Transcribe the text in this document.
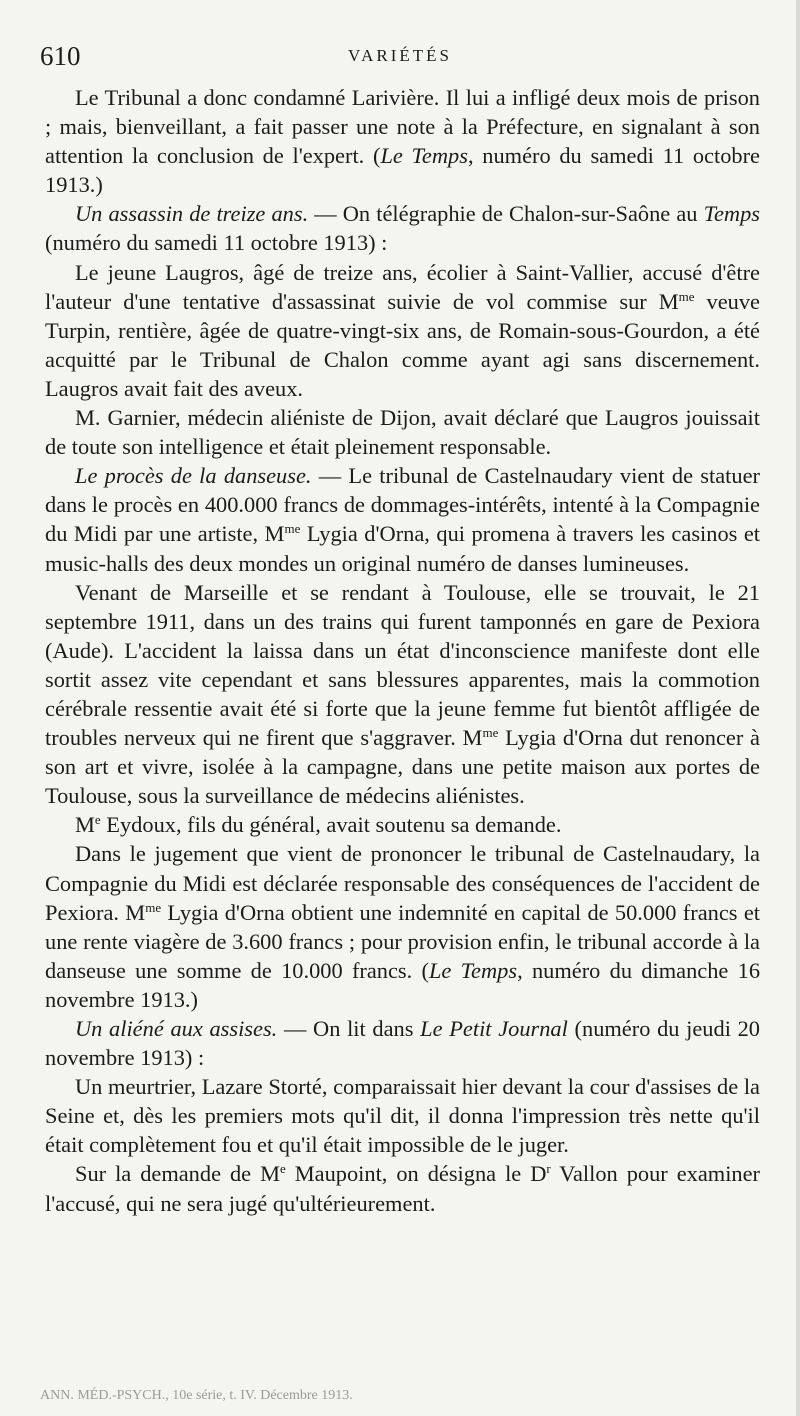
610	VARIÉTÉS

Le Tribunal a donc condamné Larivière. Il lui a infligé deux mois de prison ; mais, bienveillant, a fait passer une note à la Préfecture, en signalant à son attention la conclusion de l'expert. (Le Temps, numéro du samedi 11 octobre 1913.)

Un assassin de treize ans. — On télégraphie de Chalon-sur-Saône au Temps (numéro du samedi 11 octobre 1913) :

Le jeune Laugros, âgé de treize ans, écolier à Saint-Vallier, accusé d'être l'auteur d'une tentative d'assassinat suivie de vol commise sur $M^{me}$ veuve Turpin, rentière, âgée de quatre-vingt-six ans, de Romain-sous-Gourdon, a été acquitté par le Tribunal de Chalon comme ayant agi sans discernement. Laugros avait fait des aveux.

M. Garnier, médecin aliéniste de Dijon, avait déclaré que Laugros jouissait de toute son intelligence et était pleinement responsable.

Le procès de la danseuse. — Le tribunal de Castelnaudary vient de statuer dans le procès en 400.000 francs de dommages-intérêts, intenté à la Compagnie du Midi par une artiste, $M^{me}$ Lygia d'Orna, qui promena à travers les casinos et music-halls des deux mondes un original numéro de danses lumineuses.

Venant de Marseille et se rendant à Toulouse, elle se trouvait, le 21 septembre 1911, dans un des trains qui furent tamponnés en gare de Pexiora (Aude). L'accident la laissa dans un état d'inconscience manifeste dont elle sortit assez vite cependant et sans blessures apparentes, mais la commotion cérébrale ressentie avait été si forte que la jeune femme fut bientôt affligée de troubles nerveux qui ne firent que s'aggraver. $M^{me}$ Lygia d'Orna dut renoncer à son art et vivre, isolée à la campagne, dans une petite maison aux portes de Toulouse, sous la surveillance de médecins aliénistes.

Me Eydoux, fils du général, avait soutenu sa demande.

Dans le jugement que vient de prononcer le tribunal de Castelnaudary, la Compagnie du Midi est déclarée responsable des conséquences de l'accident de Pexiora. $M^{me}$ Lygia d'Orna obtient une indemnité en capital de 50.000 francs et une rente viagère de 3.600 francs ; pour provision enfin, le tribunal accorde à la danseuse une somme de 10.000 francs. (Le Temps, numéro du dimanche 16 novembre 1913.)

Un aliéné aux assises. — On lit dans Le Petit Journal (numéro du jeudi 20 novembre 1913) :

Un meurtrier, Lazare Storté, comparaissait hier devant la cour d'assises de la Seine et, dès les premiers mots qu'il dit, il donna l'impression très nette qu'il était complètement fou et qu'il était impossible de le juger.

Sur la demande de Me Maupoint, on désigna le $D^r$ Vallon pour examiner l'accusé, qui ne sera jugé qu'ultérieurement.

ANN. MÉD.-PSYCH., 10e série, t. IV. Décembre 1913.
